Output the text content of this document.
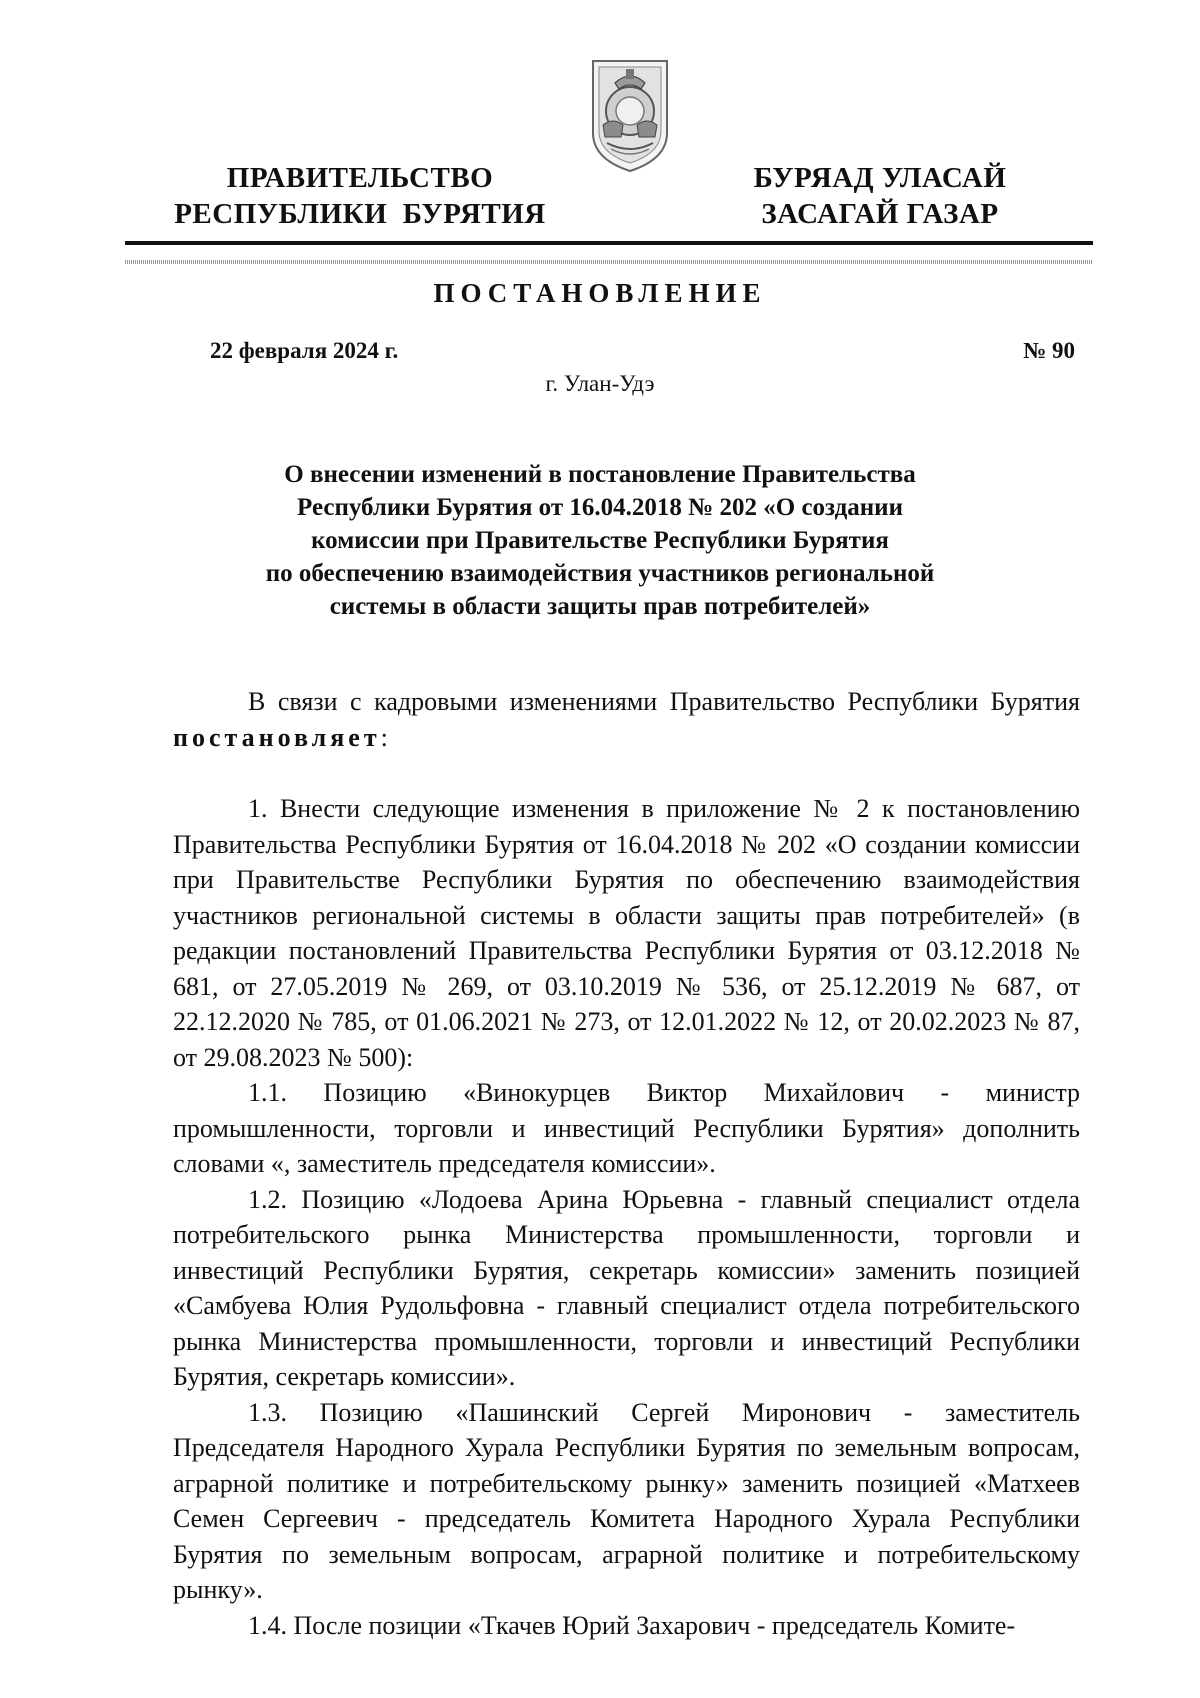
ПРАВИТЕЛЬСТВО
РЕСПУБЛИКИ  БУРЯТИЯ
БУРЯАД УЛАСАЙ
ЗАСАГАЙ ГАЗАР
ПОСТАНОВЛЕНИЕ
22 февраля 2024 г.	№ 90
г. Улан-Удэ
О внесении изменений в постановление Правительства
Республики Бурятия от 16.04.2018 № 202 «О создании
комиссии при Правительстве Республики Бурятия
по обеспечению взаимодействия участников региональной
системы в области защиты прав потребителей»

В связи с кадровыми изменениями Правительство Республики Бурятия постановляет:

1. Внести следующие изменения в приложение № 2 к постановлению Правительства Республики Бурятия от 16.04.2018 № 202 «О создании комиссии при Правительстве Республики Бурятия по обеспечению взаимодействия участников региональной системы в области защиты прав потребителей» (в редакции постановлений Правительства Республики Бурятия от 03.12.2018 № 681, от 27.05.2019 № 269, от 03.10.2019 № 536, от 25.12.2019 № 687, от 22.12.2020 № 785, от 01.06.2021 № 273, от 12.01.2022 № 12, от 20.02.2023 № 87, от 29.08.2023 № 500):

1.1. Позицию «Винокурцев Виктор Михайлович - министр промышленности, торговли и инвестиций Республики Бурятия» дополнить словами «, заместитель председателя комиссии».

1.2. Позицию «Лодоева Арина Юрьевна - главный специалист отдела потребительского рынка Министерства промышленности, торговли и инвестиций Республики Бурятия, секретарь комиссии» заменить позицией «Самбуева Юлия Рудольфовна - главный специалист отдела потребительского рынка Министерства промышленности, торговли и инвестиций Республики Бурятия, секретарь комиссии».

1.3. Позицию «Пашинский Сергей Миронович - заместитель Председателя Народного Хурала Республики Бурятия по земельным вопросам, аграрной политике и потребительскому рынку» заменить позицией «Матхеев Семен Сергеевич - председатель Комитета Народного Хурала Республики Бурятия по земельным вопросам, аграрной политике и потребительскому рынку».

1.4. После позиции «Ткачев Юрий Захарович - председатель Комите-
